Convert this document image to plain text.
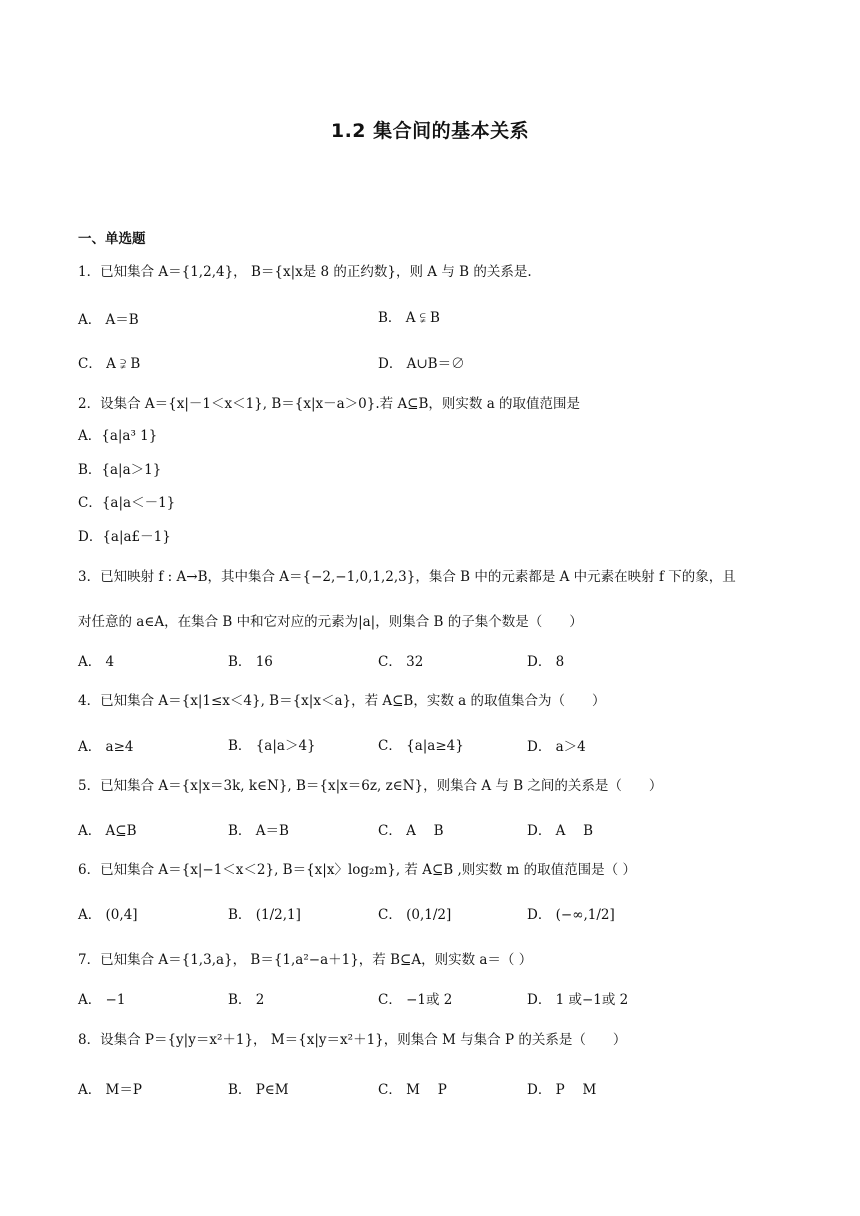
1.2 集合间的基本关系
一、单选题
1．已知集合 A＝{1,2,4}， B＝{x|x是 8 的正约数}，则 A 与 B 的关系是.
A． A＝B	B． A ⫋ B
C． A ⫌ B	D． A∪B＝∅
2．设集合 A＝{x|－1＜x＜1}, B＝{x|x－a＞0}.若 A⊆B，则实数 a 的取值范围是
A．{a|a³ 1}
B．{a|a＞1}
C．{a|a＜－1}
D．{a|a£－1}
3．已知映射 f : A→B，其中集合 A＝{−2,−1,0,1,2,3}，集合 B 中的元素都是 A 中元素在映射 f 下的象，且
对任意的 a∈A，在集合 B 中和它对应的元素为|a|，则集合 B 的子集个数是（　　）
A． 4	B． 16	C． 32	D． 8
4．已知集合 A＝{x|1≤x＜4}, B＝{x|x＜a}，若 A⊆B，实数 a 的取值集合为（　　）
A． a≥4	B． {a|a＞4}	C． {a|a≥4}	D． a＞4
5．已知集合 A＝{x|x＝3k, k∈N}, B＝{x|x＝6z, z∈N}，则集合 A 与 B 之间的关系是（　　）
A． A⊆B	B． A＝B	C． A　 B	D． A　 B
6．已知集合 A＝{x|−1＜x＜2}, B＝{x|x〉log₂m}, 若 A⊆B ,则实数 m 的取值范围是（ ）
A． (0,4]	B． (1/2,1]	C． (0,1/2]	D． (−∞,1/2]
7．已知集合 A＝{1,3,a}， B＝{1,a²−a＋1}，若 B⊆A，则实数 a＝（ ）
A． −1	B． 2	C． −1或 2	D． 1 或−1或 2
8．设集合 P＝{y|y＝x²＋1}， M＝{x|y＝x²＋1}，则集合 M 与集合 P 的关系是（　　）
A． M＝P	B． P∈M	C． M　 P	D． P　 M
